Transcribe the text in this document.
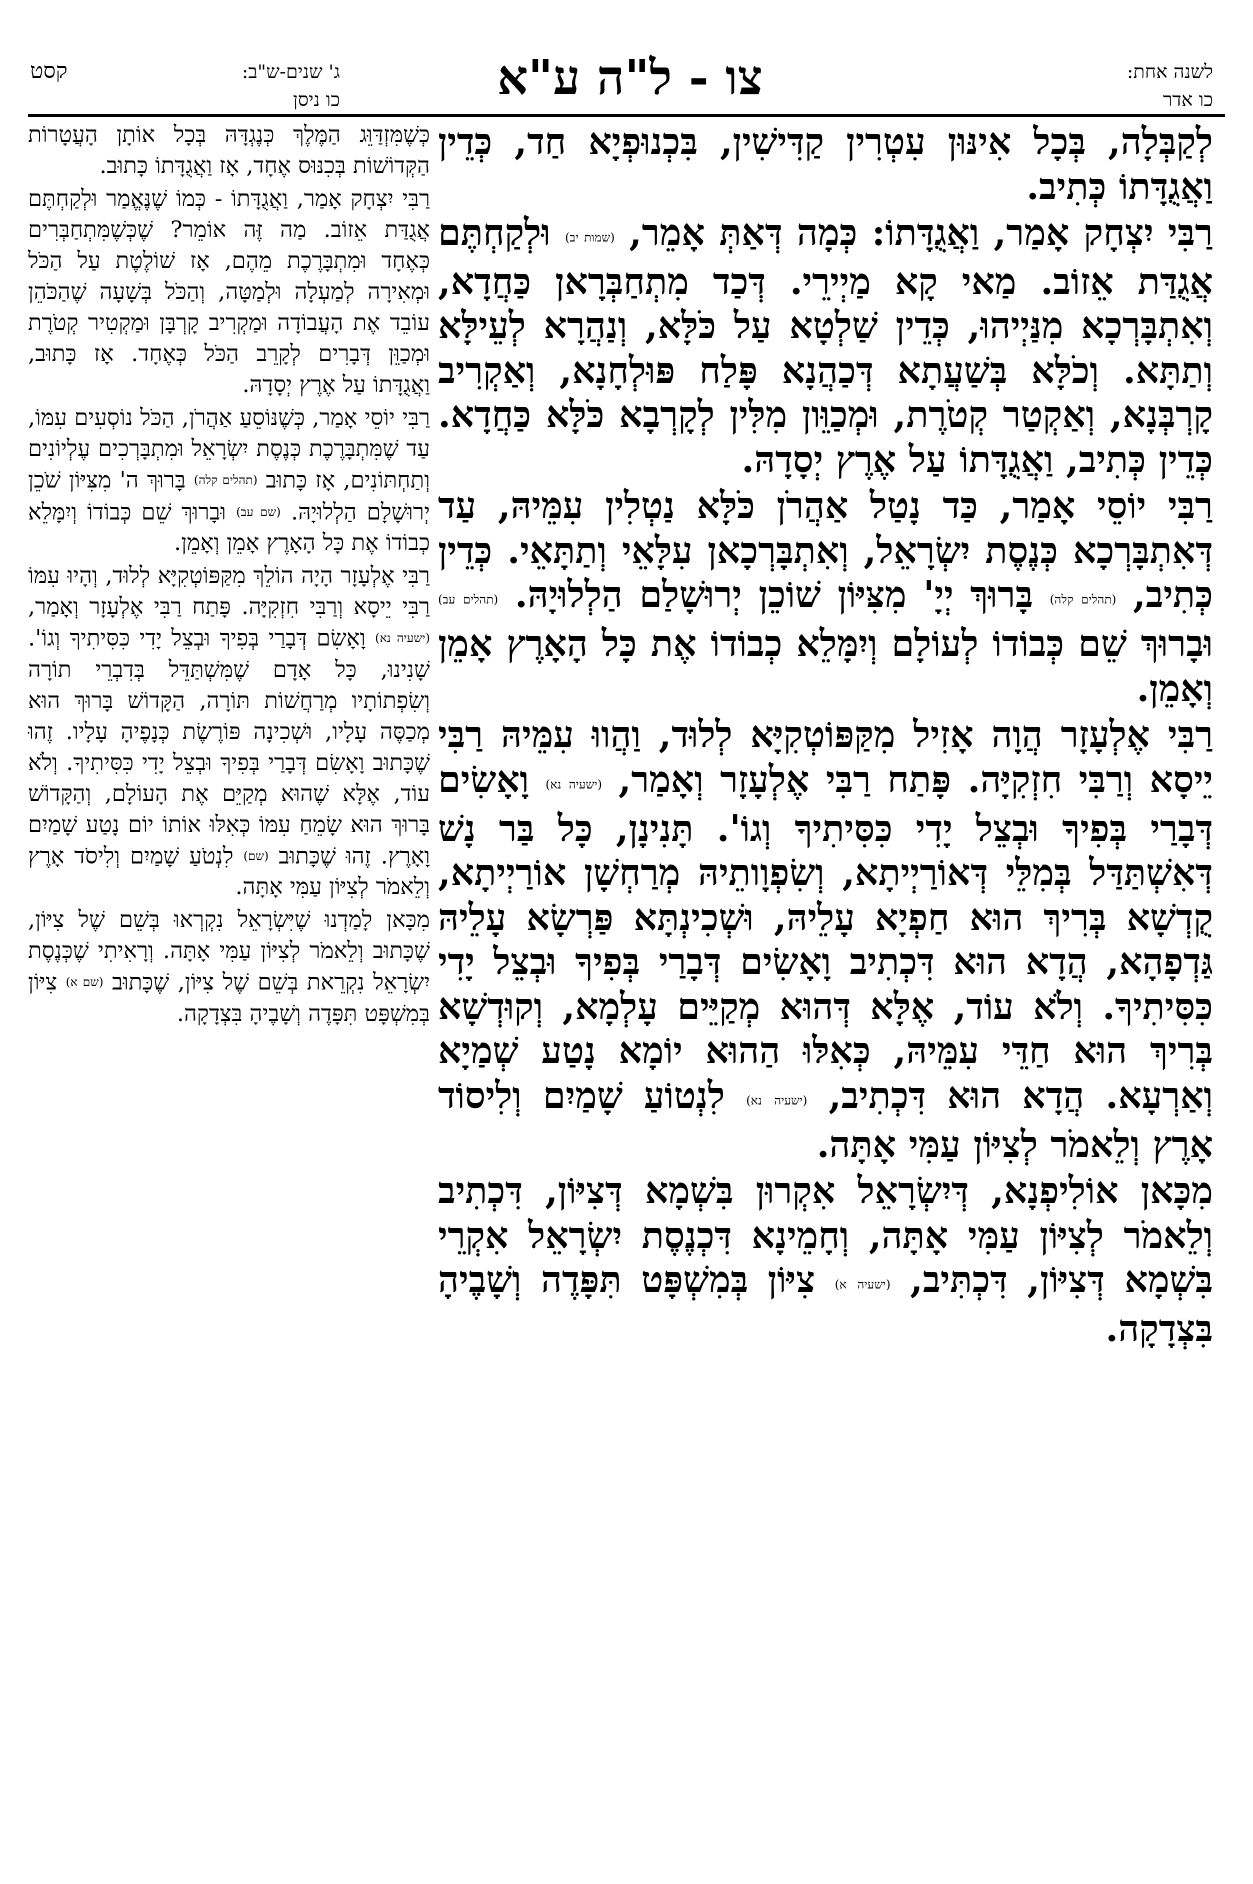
לשנה אחת:
כו אדר
צו - ל"ה ע"א
ג' שנים-ש"ב:
קסט
כו ניסן

לְקַבְּלָה, בְּכָל אִינּוּן עִטְרִין קַדִּישִׁין, בִּכְנוּפְיָא חַד, כְּדֵין וַאֲגֻדָּתוֹ כְּתִיב.

רַבִּי יִצְחָק אָמַר, וַאֲגֻדָּתוֹ: כְּמָה דְּאַתְּ אָמֵר, (שמות יב) וּלְקַחְתֶּם אֲגֻדַּת אֵזוֹב. מַאי קָא מַיְירֵי. דְּכַד מִתְחַבְּרָאן כַּחֲדָא, וְאִתְבָּרְכָא מִנַּיְיהוּ, כְּדֵין שַׁלְטָא עַל כֹּלָּא, וְנַהֲרָא לְעֵילָּא וְתַתָּא. וְכֹלָּא בְּשַׁעֲתָא דְּכַהֲנָא פָּלַח פּוּלְחָנָא, וְאַקְרִיב קָרְבְּנָא, וְאַקְטַר קְטֹרֶת, וּמְכַוֵּון מִלִּין לְקָרְבָא כֹּלָּא כַּחֲדָא. כְּדֵין כְּתִיב, וַאֲגֻדָּתוֹ עַל אֶרֶץ יְסָדָהּ.

רַבִּי יוֹסֵי אָמַר, כַּד נָטַל אַהֲרֹן כֹּלָּא נַטְלִין עִמֵּיהּ, עַד דְּאִתְבָּרְכָא כְּנֶסֶת יִשְׂרָאֵל, וְאִתְבָּרְכָאן עִלָּאֵי וְתַתָּאֵי. כְּדֵין כְּתִיב, (תהלים קלה) בָּרוּךְ יְיָ' מִצִּיּוֹן שׁוֹכֵן יְרוּשָׁלַם הַלְלוּיָהּ. (תהלים עב) וּבָרוּךְ שֵׁם כְּבוֹדוֹ לְעוֹלָם וְיִמָּלֵא כְבוֹדוֹ אֶת כָּל הָאָרֶץ אָמֵן וְאָמֵן.

רַבִּי אֶלְעָזָר הֲוָה אָזִיל מִקַּפּוֹטְקִיָּא לְלוּד, וַהֲווּ עִמֵּיהּ רַבִּי יֵיסָא וְרַבִּי חִזְקִיָּה. פָּתַח רַבִּי אֶלְעָזָר וְאָמַר, (ישעיה נא) וָאָשִׂים דְּבָרַי בְּפִיךָ וּבְצֵל יָדִי כִּסִּיתִיךָ וְגוֹ'. תָּנִינָן, כָּל בַּר נָשׁ דְּאִשְׁתַּדַּל בְּמִלֵּי דְּאוֹרַיְיתָא, וְשִׂפְוָותֵיהּ מְרַחְשָׁן אוֹרַיְיתָא, קֻדְשָׁא בְּרִיךְ הוּא חַפְיָא עָלֵיהּ, וּשְׁכִינְתָּא פַּרְשָׂא עָלֵיהּ גַּדְפָהָא, הֲדָא הוּא דִּכְתִיב וָאָשִׂים דְּבָרַי בְּפִיךָ וּבְצֵל יָדִי כִּסִּיתִיךָ. וְלֹא עוֹד, אֶלָּא דְּהוּא מְקַיֵּים עָלְמָא, וְקוּדְשָׁא בְּרִיךְ הוּא חַדֵּי עִמֵּיהּ, כְּאִלּוּ הַהוּא יוֹמָא נָטַע שְׁמַיָא וְאַרְעָא. הֲדָא הוּא דִּכְתִיב, (ישעיה נא) לִנְטוֹעַ שָׁמַיִם וְלִיסוֹד אָרֶץ וְלֵאמֹר לְצִיּוֹן עַמִּי אָתָּה.

מִכָּאן אוֹלִיפְנָא, דְּיִשְׂרָאֵל אִקְרוּן בִּשְׁמָא דְּצִיּוֹן, דִּכְתִיב וְלֵאמֹר לְצִיּוֹן עַמִּי אָתָּה, וְחָמֵינָא דִּכְנֶסֶת יִשְׂרָאֵל אִקְרֵי בִּשְׁמָא דְּצִיּוֹן, דִּכְתִּיב, (ישעיה א) צִיּוֹן בְּמִשְׁפָּט תִּפָּדֶה וְשָׁבֶיהָ בִּצְדָקָה.

כְּשֶׁמִּזְדַּוֵּג הַמֶּלֶךְ כְּנֶגְדָּהּ בְּכָל אוֹתָן הָעֲטָרוֹת הַקְּדוֹשׁוֹת בְּכִנּוּס אֶחָד, אָז וַאֲגֻדָּתוֹ כָּתוּב.

רַבִּי יִצְחָק אָמַר, וַאֲגֻדָּתוֹ - כְּמוֹ שֶׁנֶּאֱמַר וּלְקַחְתֶּם אֲגֻדַּת אֵזוֹב. מַה זֶּה אוֹמֵר? שֶׁכְּשֶׁמִּתְחַבְּרִים כְּאֶחָד וּמִתְבָּרֶכֶת מֵהֶם, אָז שׁוֹלֶטֶת עַל הַכֹּל וּמְאִירָה לְמַעְלָה וּלְמַטָּה, וְהַכֹּל בְּשָׁעָה שֶׁהַכֹּהֵן עוֹבֵד אֶת הָעֲבוֹדָה וּמַקְרִיב קָרְבָּן וּמַקְטִיר קְטֹרֶת וּמְכַוֵּן דְּבָרִים לְקָרֵב הַכֹּל כְּאֶחָד. אָז כָּתוּב, וַאֲגֻדָּתוֹ עַל אֶרֶץ יְסָדָהּ.

רַבִּי יוֹסֵי אָמַר, כְּשֶׁנּוֹסֵעַ אַהֲרֹן, הַכֹּל נוֹסְעִים עִמּוֹ, עַד שֶׁמִּתְבָּרֶכֶת כְּנֶסֶת יִשְׂרָאֵל וּמִתְבָּרְכִים עֶלְיוֹנִים וְתַחְתּוֹנִים, אָז כָּתוּב (תהלים קלה) בָּרוּךְ ה' מִצִּיּוֹן שֹׁכֵן יְרוּשָׁלָם הַלְלוּיָהּ. (שם עב) וּבָרוּךְ שֵׁם כְּבוֹדוֹ וְיִמָּלֵא כְבוֹדוֹ אֶת כָּל הָאָרֶץ אָמֵן וְאָמֵן.

רַבִּי אֶלְעָזָר הָיָה הוֹלֵךְ מִקַּפּוֹטְקִיָּא לְלוּד, וְהָיוּ עִמּוֹ רַבִּי יֵיסָא וְרַבִּי חִזְקִיָּה. פָּתַח רַבִּי אֶלְעָזָר וְאָמַר, (ישעיה נא) וָאָשִׂם דְּבָרַי בְּפִיךָ וּבְצֵל יָדִי כִּסִּיתִיךָ וְגוֹ'. שָׁנִינוּ, כָּל אָדָם שֶׁמִּשְׁתַּדֵּל בְּדִבְרֵי תוֹרָה וְשִׂפְתוֹתָיו מְרַחֲשׁוֹת תּוֹרָה, הַקָּדוֹשׁ בָּרוּךְ הוּא מְכַסֶּה עָלָיו, וּשְׁכִינָה פּוֹרֶשֶׂת כְּנָפֶיהָ עָלָיו. זֶהוּ שֶׁכָּתוּב וָאָשִׂם דְּבָרַי בְּפִיךָ וּבְצֵל יָדִי כִּסִּיתִיךָ. וְלֹא עוֹד, אֶלָּא שֶׁהוּא מְקַיֵּם אֶת הָעוֹלָם, וְהַקָּדוֹשׁ בָּרוּךְ הוּא שָׂמֵחַ עִמּוֹ כְּאִלּוּ אוֹתוֹ יוֹם נָטַע שָׁמַיִם וָאָרֶץ. זֶהוּ שֶׁכָּתוּב (שם) לִנְטֹעַ שָׁמַיִם וְלִיסֹד אָרֶץ וְלֵאמֹר לְצִיּוֹן עַמִּי אָתָּה.

מִכָּאן לָמַדְנוּ שֶׁיִּשְׂרָאֵל נִקְרְאוּ בְּשֵׁם שֶׁל צִיּוֹן, שֶׁכָּתוּב וְלֵאמֹר לְצִיּוֹן עַמִּי אָתָּה. וְרָאִיתִי שֶׁכְּנֶסֶת יִשְׂרָאֵל נִקְרֵאת בְּשֵׁם שֶׁל צִיּוֹן, שֶׁכָּתוּב (שם א) צִיּוֹן בְּמִשְׁפָּט תִּפָּדֶה וְשָׁבֶיהָ בִּצְדָקָה.
